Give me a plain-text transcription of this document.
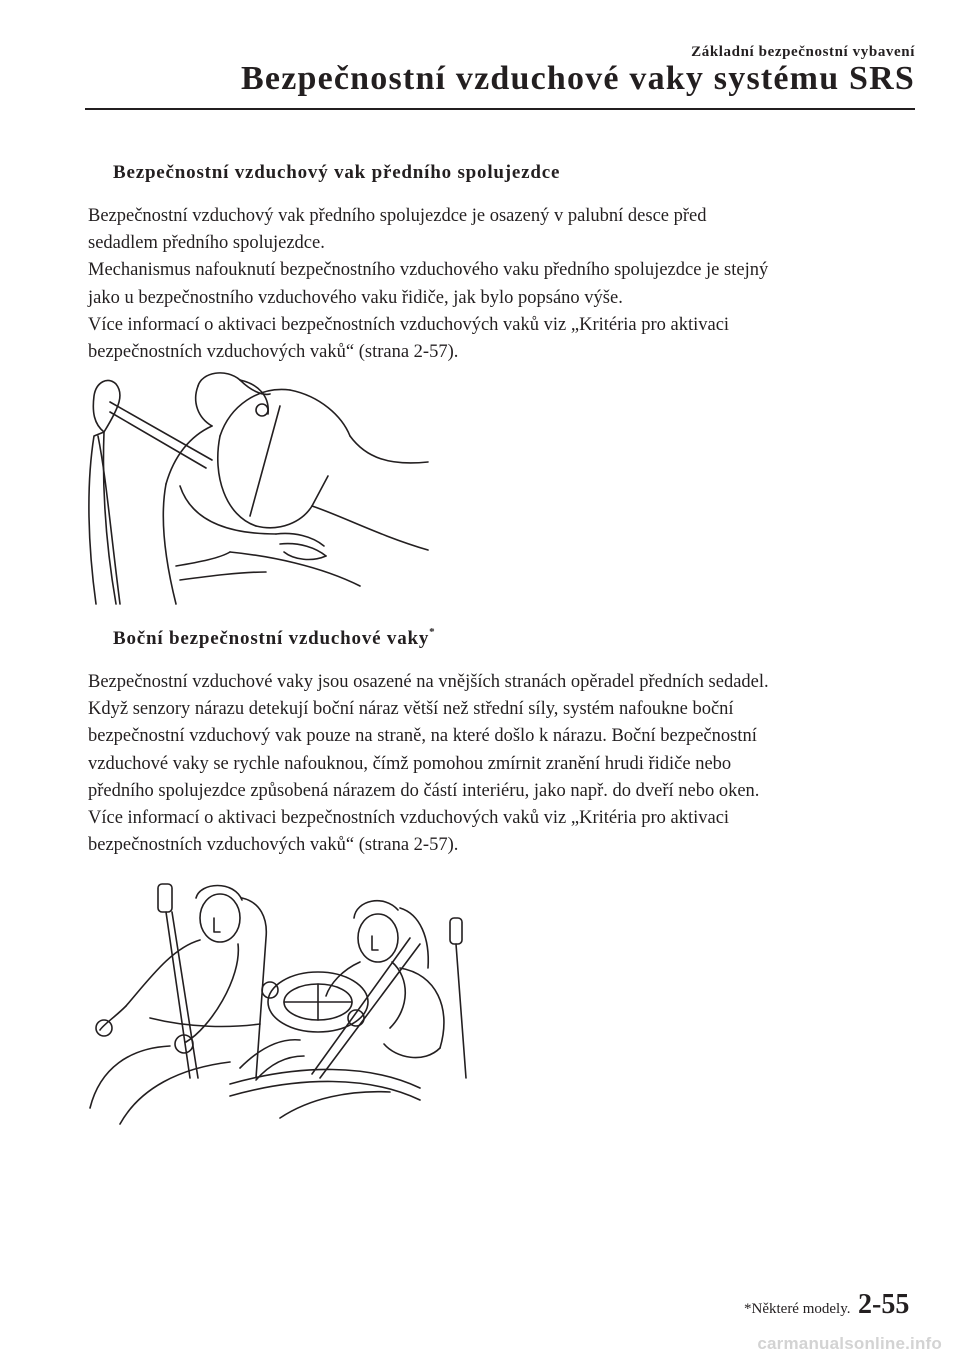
Základní bezpečnostní vybavení
Bezpečnostní vzduchové vaky systému SRS
Bezpečnostní vzduchový vak předního spolujezdce

Bezpečnostní vzduchový vak předního spolujezdce je osazený v palubní desce před

sedadlem předního spolujezdce.

Mechanismus nafouknutí bezpečnostního vzduchového vaku předního spolujezdce je stejný

jako u bezpečnostního vzduchového vaku řidiče, jak bylo popsáno výše.

Více informací o aktivaci bezpečnostních vzduchových vaků viz „Kritéria pro aktivaci

bezpečnostních vzduchových vaků“ (strana 2-57).

Boční bezpečnostní vzduchové vaky*

Bezpečnostní vzduchové vaky jsou osazené na vnějších stranách opěradel předních sedadel.

Když senzory nárazu detekují boční náraz větší než střední síly, systém nafoukne boční

bezpečnostní vzduchový vak pouze na straně, na které došlo k nárazu. Boční bezpečnostní

vzduchové vaky se rychle nafouknou, čímž pomohou zmírnit zranění hrudi řidiče nebo

předního spolujezdce způsobená nárazem do částí interiéru, jako např. do dveří nebo oken.

Více informací o aktivaci bezpečnostních vzduchových vaků viz „Kritéria pro aktivaci

bezpečnostních vzduchových vaků“ (strana 2-57).

*Některé modely. 2-55
carmanualsonline.info
